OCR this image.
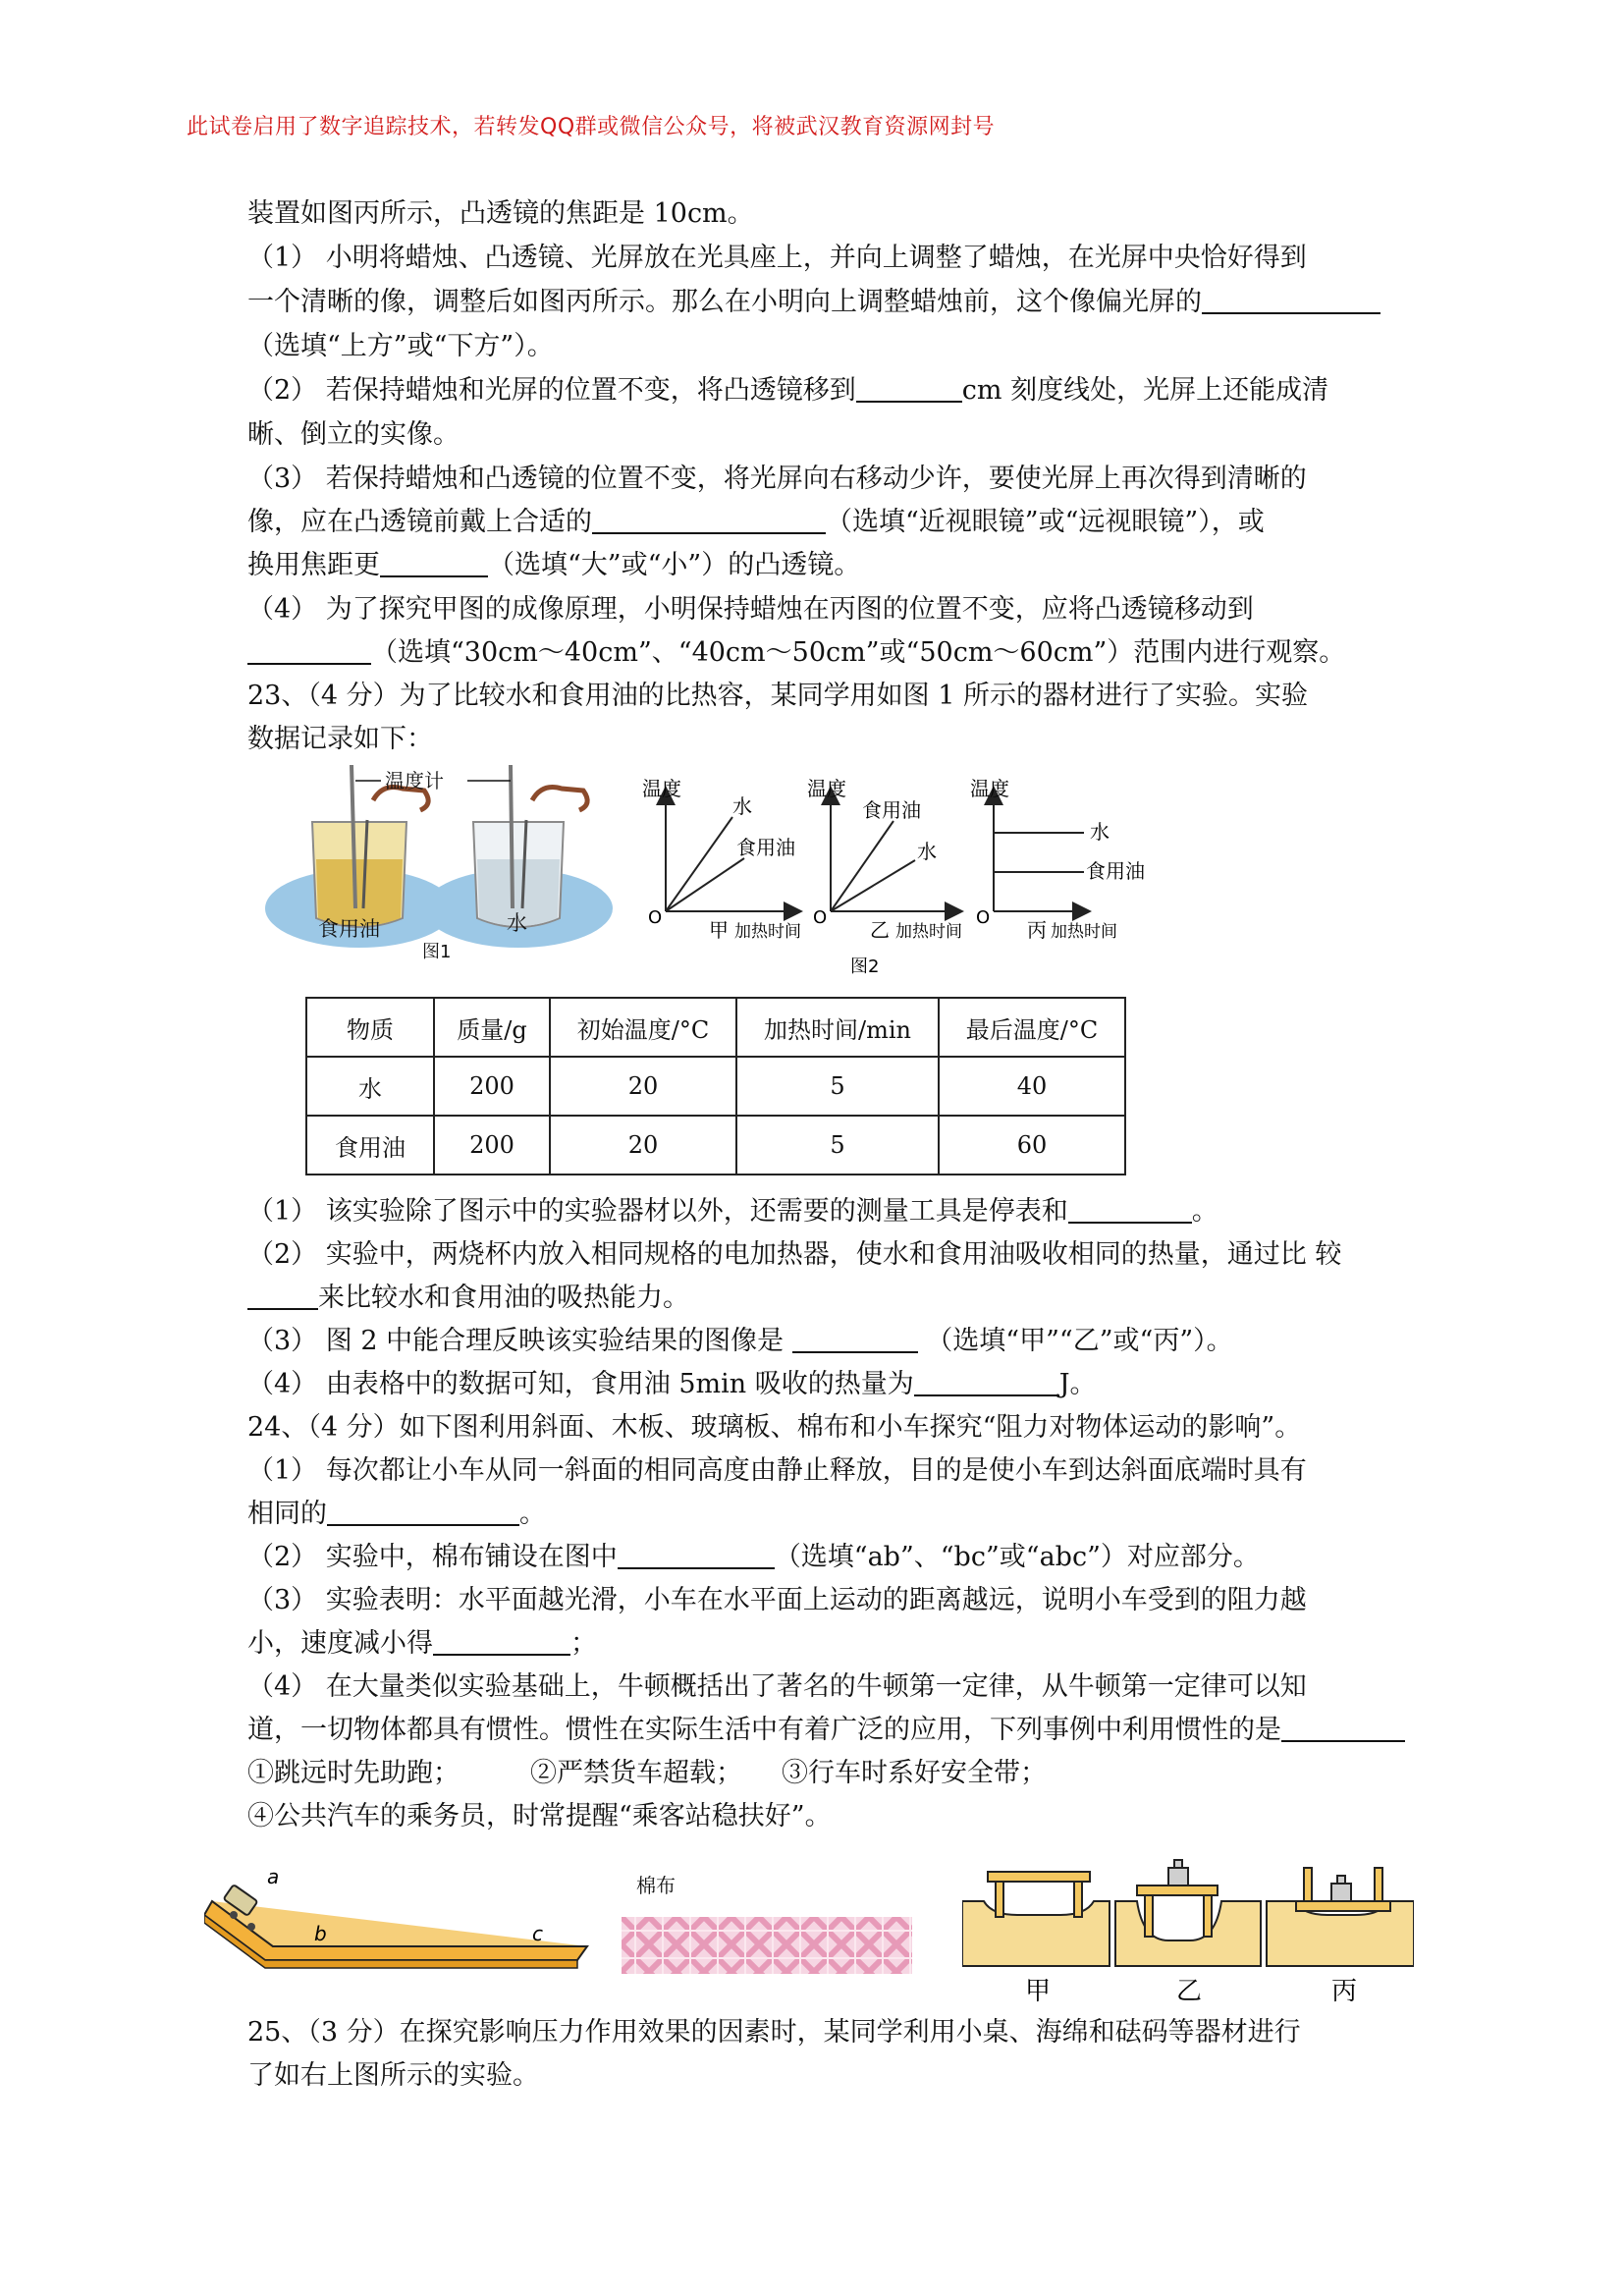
此试卷启用了数字追踪技术，若转发QQ群或微信公众号，将被武汉教育资源网封号
装置如图丙所示，凸透镜的焦距是 10cm。
（1） 小明将蜡烛、凸透镜、光屏放在光具座上，并向上调整了蜡烛，在光屏中央恰好得到
一个清晰的像，调整后如图丙所示。那么在小明向上调整蜡烛前，这个像偏光屏的
（选填“上方”或“下方”）。
（2） 若保持蜡烛和光屏的位置不变，将凸透镜移到	cm 刻度线处，光屏上还能成清
晰、倒立的实像。
（3） 若保持蜡烛和凸透镜的位置不变，将光屏向右移动少许，要使光屏上再次得到清晰的
像，应在凸透镜前戴上合适的	（选填“近视眼镜”或“远视眼镜”），或
换用焦距更	（选填“大”或“小”）的凸透镜。
（4） 为了探究甲图的成像原理，小明保持蜡烛在丙图的位置不变，应将凸透镜移动到
（选填“30cm～40cm”、“40cm～50cm”或“50cm～60cm”）范围内进行观察。
23、（4 分）为了比较水和食用油的比热容，某同学用如图 1 所示的器材进行了实验。实验
数据记录如下：
温度计
食用油	水
图1
温度
水
食用油
O
甲 加热时间
温度
食用油
水
O
乙 加热时间
温度
水
食用油
O
丙 加热时间
图2
物质	质量/g	初始温度/°C	加热时间/min	最后温度/°C
水	200	20	5	40
食用油	200	20	5	60
（1） 该实验除了图示中的实验器材以外，还需要的测量工具是停表和	。
（2） 实验中，两烧杯内放入相同规格的电加热器，使水和食用油吸收相同的热量，通过比 较
来比较水和食用油的吸热能力。
（3） 图 2 中能合理反映该实验结果的图像是	（选填“甲”“乙”或“丙”）。
（4） 由表格中的数据可知，食用油 5min 吸收的热量为	J。
24、（4 分）如下图利用斜面、木板、玻璃板、棉布和小车探究“阻力对物体运动的影响”。
（1） 每次都让小车从同一斜面的相同高度由静止释放，目的是使小车到达斜面底端时具有
相同的	。
（2） 实验中，棉布铺设在图中	（选填“ab”、“bc”或“abc”）对应部分。
（3） 实验表明：水平面越光滑，小车在水平面上运动的距离越远，说明小车受到的阻力越
小，速度减小得	；
（4） 在大量类似实验基础上，牛顿概括出了著名的牛顿第一定律，从牛顿第一定律可以知
道，一切物体都具有惯性。惯性在实际生活中有着广泛的应用，下列事例中利用惯性的是
①跳远时先助跑；	②严禁货车超载； ③行车时系好安全带；
④公共汽车的乘务员，时常提醒“乘客站稳扶好”。
a
b	c
棉布
甲	乙	丙
25、（3 分）在探究影响压力作用效果的因素时，某同学利用小桌、海绵和砝码等器材进行
了如右上图所示的实验。
